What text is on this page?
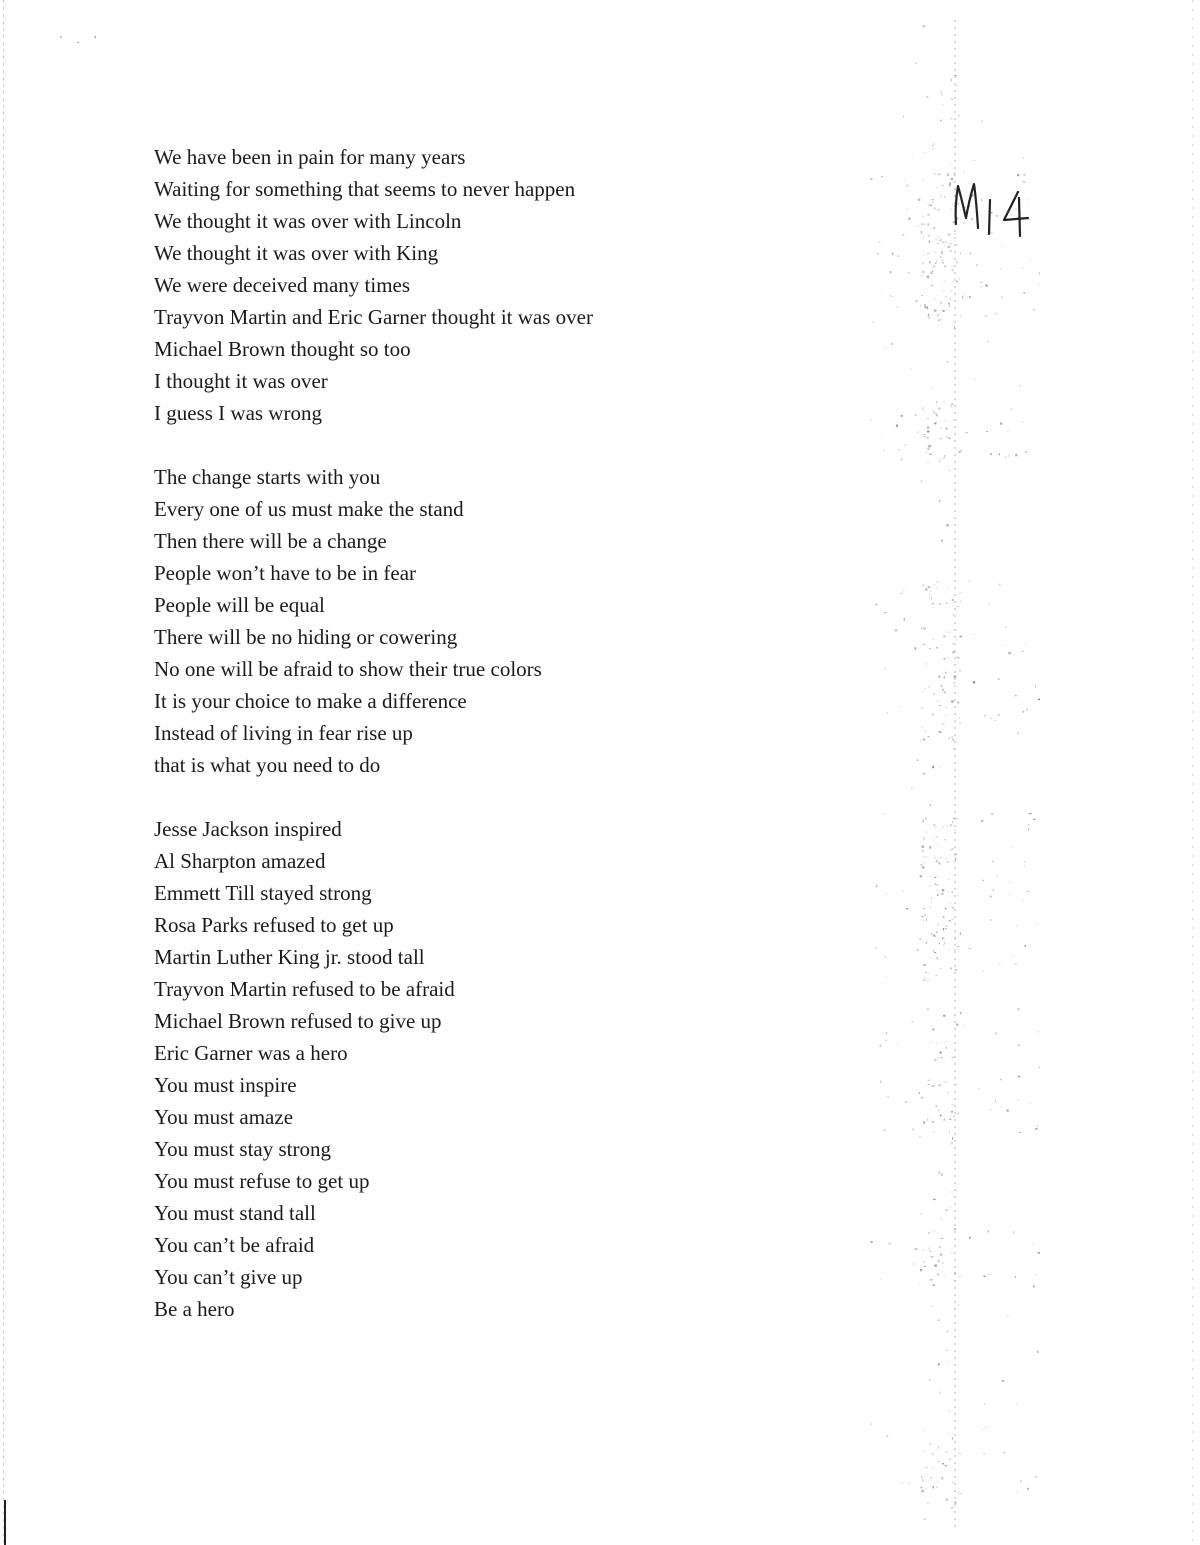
' . '
We have been in pain for many years
Waiting for something that seems to never happen
We thought it was over with Lincoln
We thought it was over with King
We were deceived many times
Trayvon Martin and Eric Garner thought it was over
Michael Brown thought so too
I thought it was over
I guess I was wrong
The change starts with you
Every one of us must make the stand
Then there will be a change
People won’t have to be in fear
People will be equal
There will be no hiding or cowering
No one will be afraid to show their true colors
It is your choice to make a difference
Instead of living in fear rise up
that is what you need to do
Jesse Jackson inspired
Al Sharpton amazed
Emmett Till stayed strong
Rosa Parks refused to get up
Martin Luther King jr. stood tall
Trayvon Martin refused to be afraid
Michael Brown refused to give up
Eric Garner was a hero
You must inspire
You must amaze
You must stay strong
You must refuse to get up
You must stand tall
You can’t be afraid
You can’t give up
Be a hero
